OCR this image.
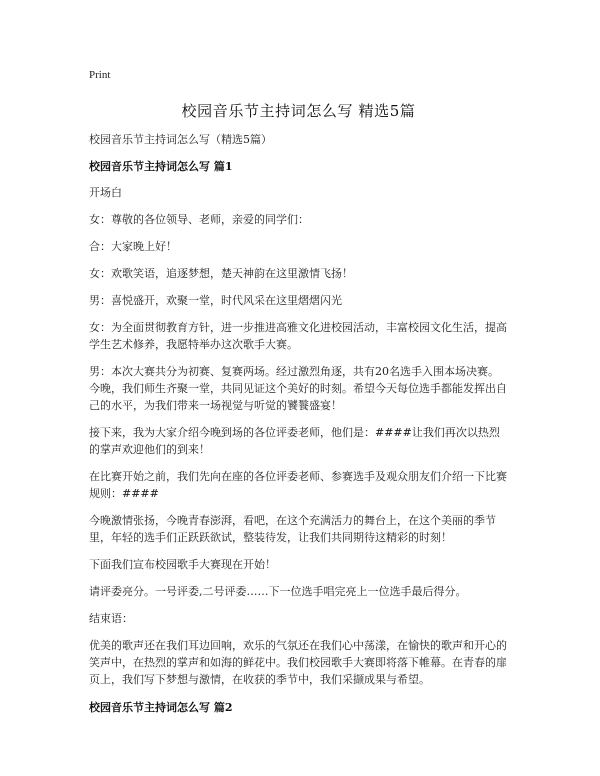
Print
校园音乐节主持词怎么写 精选5篇

校园音乐节主持词怎么写（精选5篇）

校园音乐节主持词怎么写 篇1

开场白

女：尊敬的各位领导、老师，亲爱的同学们：

合：大家晚上好！

女：欢歌笑语，追逐梦想，楚天神韵在这里激情飞扬！

男：喜悦盛开，欢聚一堂，时代风采在这里熠熠闪光

女：为全面贯彻教育方针，进一步推进高雅文化进校园活动，丰富校园文化生活，提高学生艺术修养，我愿特举办这次歌手大赛。

男：本次大赛共分为初赛、复赛两场。经过激烈角逐，共有20名选手入围本场决赛。今晚，我们师生齐聚一堂，共同见证这个美好的时刻。希望今天每位选手都能发挥出自己的水平，为我们带来一场视觉与听觉的饕餮盛宴！

接下来，我为大家介绍今晚到场的各位评委老师，他们是：####让我们再次以热烈的掌声欢迎他们的到来！

在比赛开始之前，我们先向在座的各位评委老师、参赛选手及观众朋友们介绍一下比赛规则：####

今晚激情张扬，今晚青春澎湃，看吧，在这个充满活力的舞台上，在这个美丽的季节里，年轻的选手们正跃跃欲试，整装待发，让我们共同期待这精彩的时刻！

下面我们宣布校园歌手大赛现在开始！

请评委亮分。一号评委,二号评委……下一位选手唱完亮上一位选手最后得分。

结束语：

优美的歌声还在我们耳边回响，欢乐的气氛还在我们心中荡漾，在愉快的歌声和开心的笑声中，在热烈的掌声和如海的鲜花中。我们校园歌手大赛即将落下帷幕。在青春的扉页上，我们写下梦想与激情，在收获的季节中，我们采撷成果与希望。

校园音乐节主持词怎么写 篇2
